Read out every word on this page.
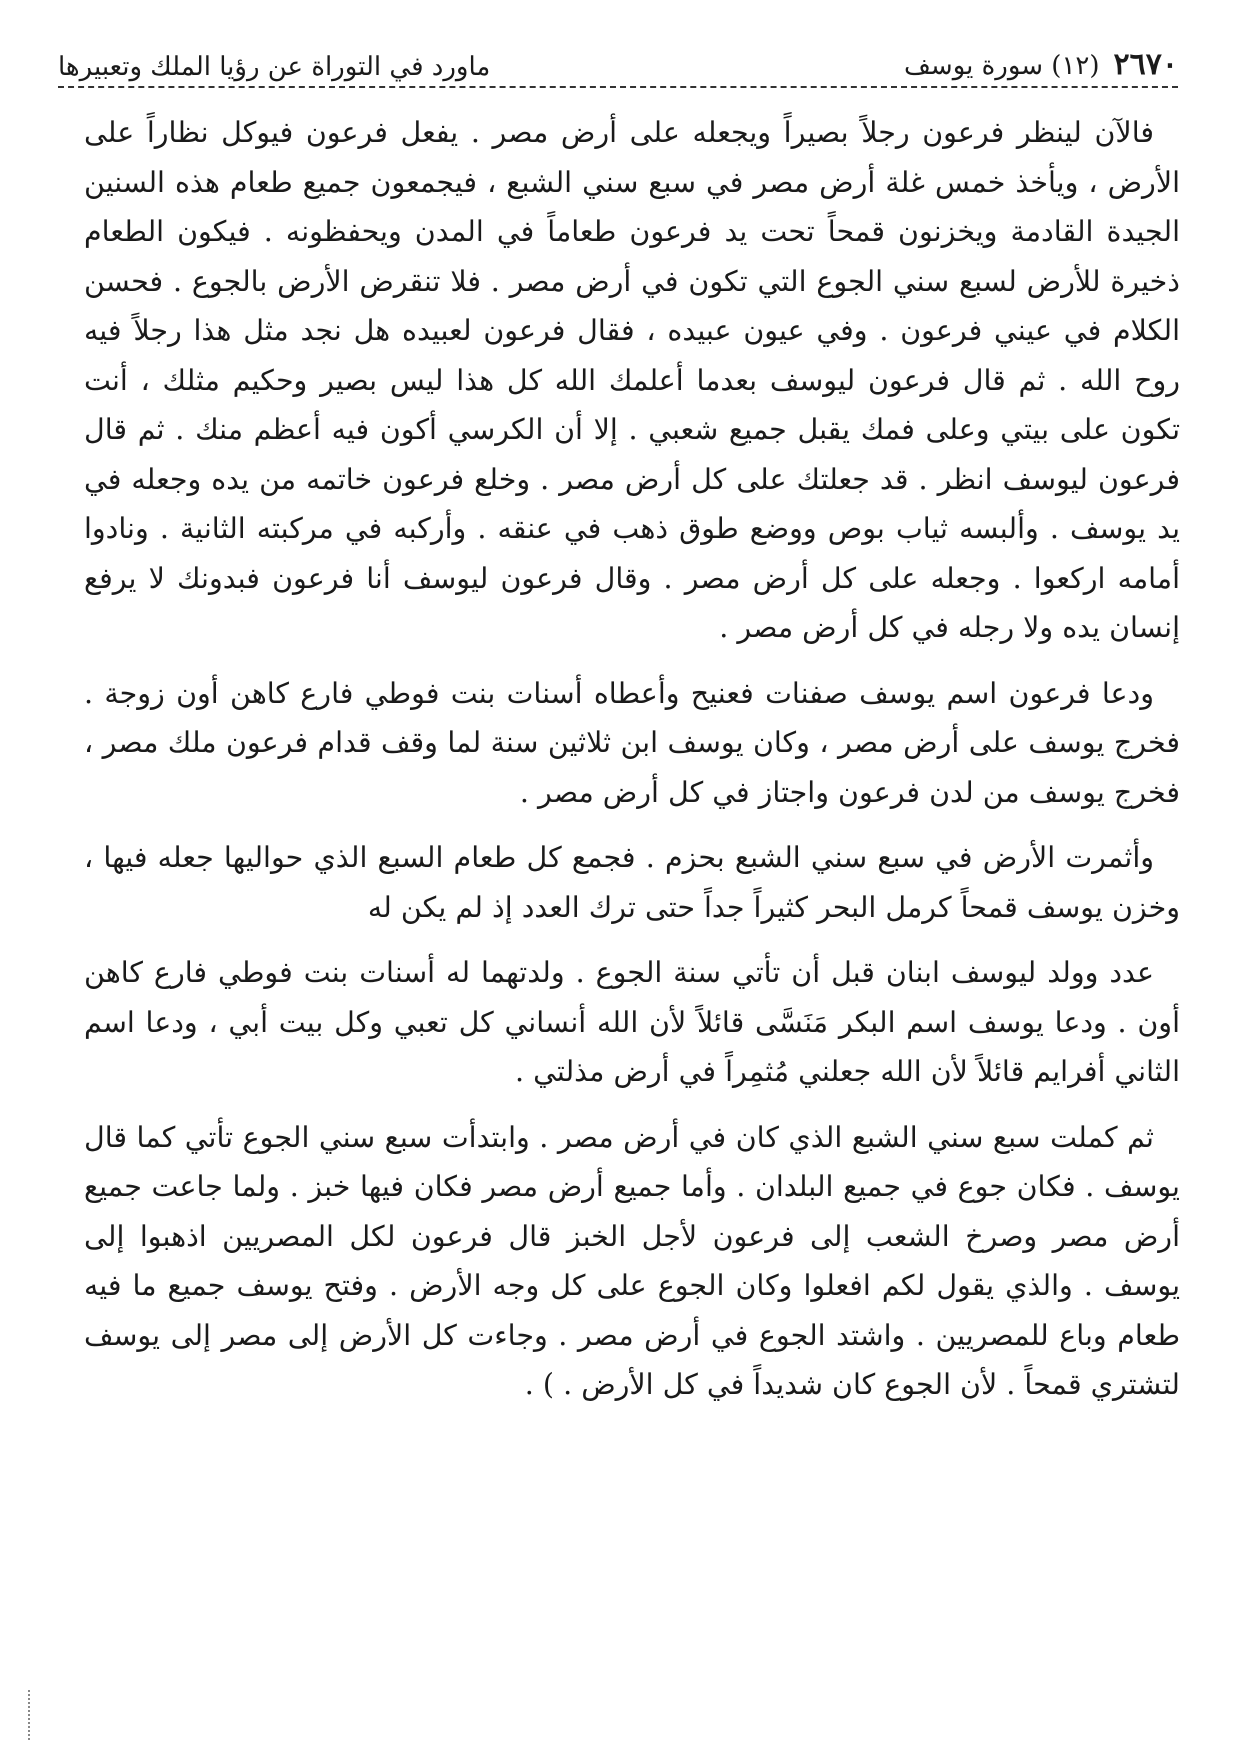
٢٦٧٠
(١٢) سورة يوسف
ماورد في التوراة عن رؤيا الملك وتعبيرها

فالآن لينظر فرعون رجلاً بصيراً ويجعله على أرض مصر . يفعل فرعون فيوكل نظاراً على الأرض ، ويأخذ خمس غلة أرض مصر في سبع سني الشبع ، فيجمعون جميع طعام هذه السنين الجيدة القادمة ويخزنون قمحاً تحت يد فرعون طعاماً في المدن ويحفظونه . فيكون الطعام ذخيرة للأرض لسبع سني الجوع التي تكون في أرض مصر . فلا تنقرض الأرض بالجوع . فحسن الكلام في عيني فرعون . وفي عيون عبيده ، فقال فرعون لعبيده هل نجد مثل هذا رجلاً فيه روح الله . ثم قال فرعون ليوسف بعدما أعلمك الله كل هذا ليس بصير وحكيم مثلك ، أنت تكون على بيتي وعلى فمك يقبل جميع شعبي . إلا أن الكرسي أكون فيه أعظم منك . ثم قال فرعون ليوسف انظر . قد جعلتك على كل أرض مصر . وخلع فرعون خاتمه من يده وجعله في يد يوسف . وألبسه ثياب بوص ووضع طوق ذهب في عنقه . وأركبه في مركبته الثانية . ونادوا أمامه اركعوا . وجعله على كل أرض مصر . وقال فرعون ليوسف أنا فرعون فبدونك لا يرفع إنسان يده ولا رجله في كل أرض مصر .

ودعا فرعون اسم يوسف صفنات فعنيح وأعطاه أسنات بنت فوطي فارع كاهن أون زوجة . فخرج يوسف على أرض مصر ، وكان يوسف ابن ثلاثين سنة لما وقف قدام فرعون ملك مصر ، فخرج يوسف من لدن فرعون واجتاز في كل أرض مصر .

وأثمرت الأرض في سبع سني الشبع بحزم . فجمع كل طعام السبع الذي حواليها جعله فيها ، وخزن يوسف قمحاً كرمل البحر كثيراً جداً حتى ترك العدد إذ لم يكن له

عدد وولد ليوسف ابنان قبل أن تأتي سنة الجوع . ولدتهما له أسنات بنت فوطي فارع كاهن أون . ودعا يوسف اسم البكر مَنَسَّى قائلاً لأن الله أنساني كل تعبي وكل بيت أبي ، ودعا اسم الثاني أفرايم قائلاً لأن الله جعلني مُثمِراً في أرض مذلتي .

ثم كملت سبع سني الشبع الذي كان في أرض مصر . وابتدأت سبع سني الجوع تأتي كما قال يوسف . فكان جوع في جميع البلدان . وأما جميع أرض مصر فكان فيها خبز . ولما جاعت جميع أرض مصر وصرخ الشعب إلى فرعون لأجل الخبز قال فرعون لكل المصريين اذهبوا إلى يوسف . والذي يقول لكم افعلوا وكان الجوع على كل وجه الأرض . وفتح يوسف جميع ما فيه طعام وباع للمصريين . واشتد الجوع في أرض مصر . وجاءت كل الأرض إلى مصر إلى يوسف لتشتري قمحاً . لأن الجوع كان شديداً في كل الأرض . ) .
